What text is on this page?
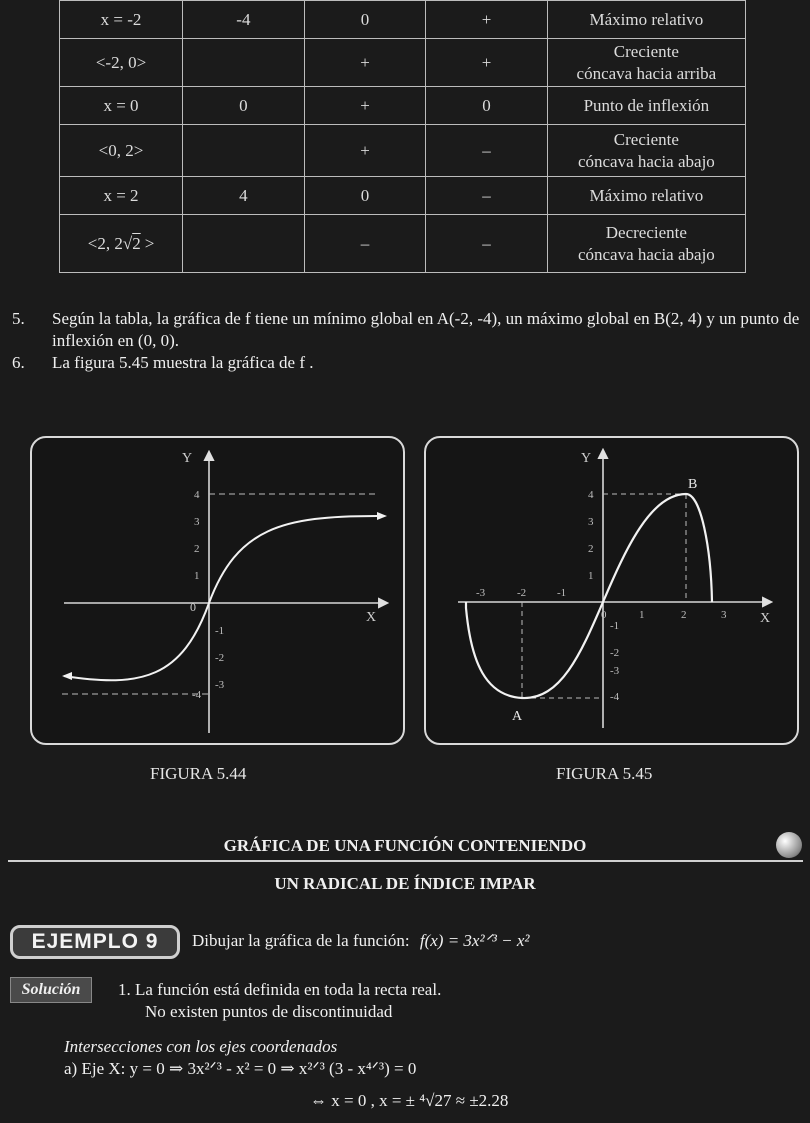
x = -2	-4	0	+	Máximo relativo

<-2, 0>		+	+	Creciente
cóncava hacia arriba

x = 0	0	+	0	Punto de inflexión

<0, 2>		+	–	Creciente
cóncava hacia abajo

x = 2	4	0	–	Máximo relativo

<2, 2√2 >		–	–	Decreciente
cóncava hacia abajo
5.	Según la tabla, la gráfica de f tiene un mínimo global en A(-2, -4), un máximo global en B(2, 4) y un punto de inflexión en (0, 0).
6.	La figura 5.45 muestra la gráfica de f .
Y
X
0
4
3
2
1
-1
-2
-3
-4
Y
X
B
A
-3	-2	-1
0	1	2	3
4
3
2
1
-1
-2
-3
-4
FIGURA 5.44	FIGURA 5.45
GRÁFICA DE UNA FUNCIÓN CONTENIENDO
UN RADICAL DE ÍNDICE IMPAR
EJEMPLO 9	Dibujar la gráfica de la función: f(x) = 3x²ᐟ³ − x²
Solución	1. La función está definida en toda la recta real.
No existen puntos de discontinuidad
Intersecciones con los ejes coordenados
a) Eje X: y = 0 ⇒ 3x²ᐟ³ - x² = 0 ⇒ x²ᐟ³ (3 - x⁴ᐟ³) = 0
⇔ x = 0 , x = ± ⁴√27 ≈ ±2.28
